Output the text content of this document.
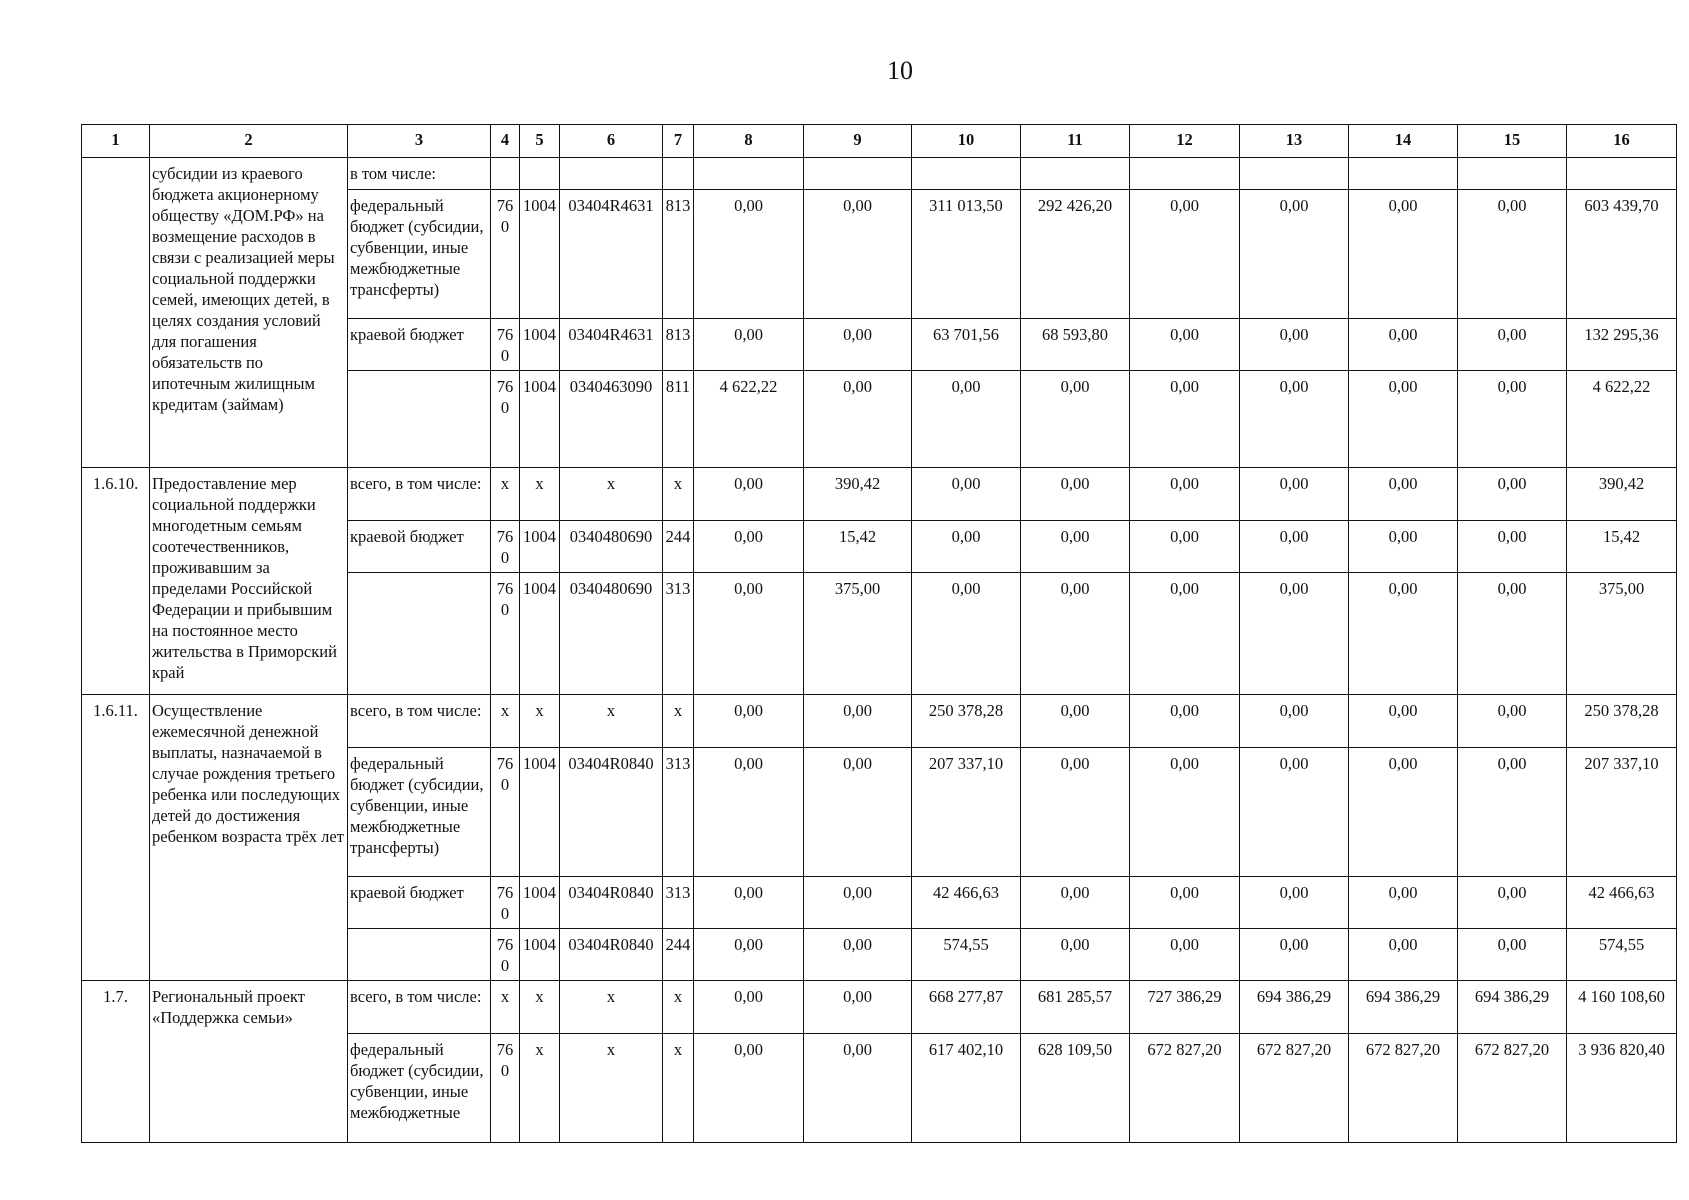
10
1	2	3	4	5	6	7	8	9	10	11	12	13	14	15	16
	субсидии из краевого бюджета акционерному обществу «ДОМ.РФ» на возмещение расходов в связи с реализацией меры социальной поддержки семей, имеющих детей, в целях создания условий для погашения обязательств по ипотечным жилищным кредитам (займам)	в том числе:													
		федеральный бюджет (субсидии, субвенции, иные межбюджетные трансферты)	760	1004	03404R4631	813	0,00	0,00	311 013,50	292 426,20	0,00	0,00	0,00	0,00	603 439,70
		краевой бюджет	760	1004	03404R4631	813	0,00	0,00	63 701,56	68 593,80	0,00	0,00	0,00	0,00	132 295,36
			760	1004	0340463090	811	4 622,22	0,00	0,00	0,00	0,00	0,00	0,00	0,00	4 622,22
1.6.10.	Предоставление мер социальной поддержки многодетным семьям соотечественников, проживавшим за пределами Российской Федерации и прибывшим на постоянное место жительства в Приморский край	всего, в том числе:	x	x	x	x	0,00	390,42	0,00	0,00	0,00	0,00	0,00	0,00	390,42
		краевой бюджет	760	1004	0340480690	244	0,00	15,42	0,00	0,00	0,00	0,00	0,00	0,00	15,42
			760	1004	0340480690	313	0,00	375,00	0,00	0,00	0,00	0,00	0,00	0,00	375,00
1.6.11.	Осуществление ежемесячной денежной выплаты, назначаемой в случае рождения третьего ребенка или последующих детей до достижения ребенком возраста трёх лет	всего, в том числе:	x	x	x	x	0,00	0,00	250 378,28	0,00	0,00	0,00	0,00	0,00	250 378,28
		федеральный бюджет (субсидии, субвенции, иные межбюджетные трансферты)	760	1004	03404R0840	313	0,00	0,00	207 337,10	0,00	0,00	0,00	0,00	0,00	207 337,10
		краевой бюджет	760	1004	03404R0840	313	0,00	0,00	42 466,63	0,00	0,00	0,00	0,00	0,00	42 466,63
			760	1004	03404R0840	244	0,00	0,00	574,55	0,00	0,00	0,00	0,00	0,00	574,55
1.7.	Региональный проект «Поддержка семьи»	всего, в том числе:	x	x	x	x	0,00	0,00	668 277,87	681 285,57	727 386,29	694 386,29	694 386,29	694 386,29	4 160 108,60
		федеральный бюджет (субсидии, субвенции, иные межбюджетные	760	x	x	x	0,00	0,00	617 402,10	628 109,50	672 827,20	672 827,20	672 827,20	672 827,20	3 936 820,40
